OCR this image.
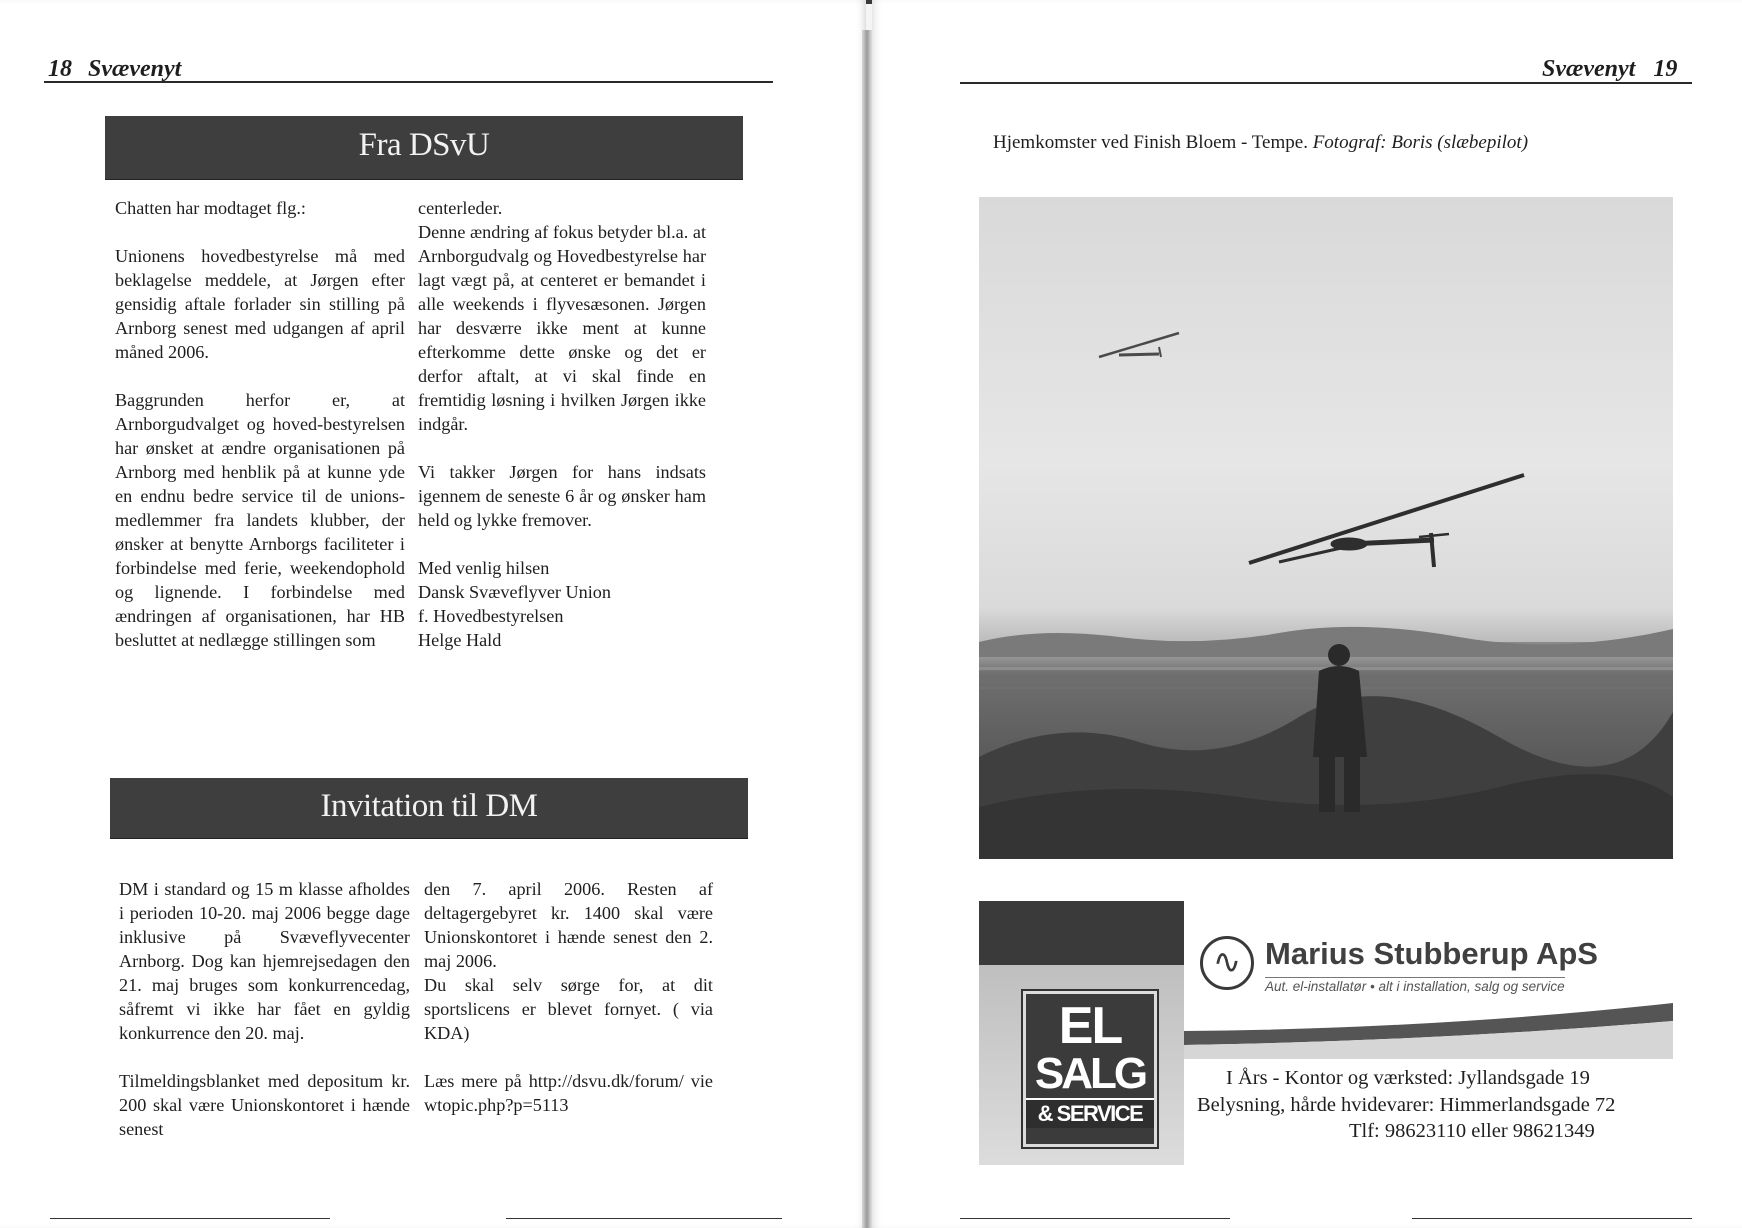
18 Svævenyt
Fra DSvU

Chatten har modtaget flg.:

Unionens hovedbestyrelse må med beklagelse meddele, at Jørgen efter gensidig aftale forlader sin stilling på Arnborg senest med udgangen af april måned 2006.

Baggrunden herfor er, at Arnborgudvalget og hoved-bestyrelsen har ønsket at ændre organisationen på Arnborg med henblik på at kunne yde en endnu bedre service til de unions-medlemmer fra landets klubber, der ønsker at benytte Arnborgs faciliteter i forbindelse med ferie, weekendophold og lignende. I forbindelse med ændringen af organisationen, har HB besluttet at nedlægge stillingen som

centerleder.
Denne ændring af fokus betyder bl.a. at Arnborgudvalg og Hovedbestyrelse har lagt vægt på, at centeret er bemandet i alle weekends i flyvesæsonen. Jørgen har desværre ikke ment at kunne efterkomme dette ønske og det er derfor aftalt, at vi skal finde en fremtidig løsning i hvilken Jørgen ikke indgår.

Vi takker Jørgen for hans indsats igennem de seneste 6 år og ønsker ham held og lykke fremover.

Med venlig hilsen
Dansk Svæveflyver Union
f. Hovedbestyrelsen
Helge Hald
Invitation til DM

DM i standard og 15 m klasse afholdes i perioden 10-20. maj 2006 begge dage inklusive på Svæveflyvecenter Arnborg. Dog kan hjemrejsedagen den 21. maj bruges som konkurrencedag, såfremt vi ikke har fået en gyldig konkurrence den 20. maj.

Tilmeldingsblanket med depositum kr. 200 skal være Unionskontoret i hænde senest

den 7. april 2006. Resten af deltagergebyret kr. 1400 skal være Unionskontoret i hænde senest den 2. maj 2006.
Du skal selv sørge for, at dit sportslicens er blevet fornyet. ( via KDA)

Læs mere på http://dsvu.dk/forum/ viewtopic.php?p=5113

Svævenyt 19
Hjemkomster ved Finish Bloem - Tempe. Fotograf: Boris (slæbepilot)
EL
SALG
& SERVICE
∿ Marius Stubberup ApS
Aut. el-installatør • alt i installation, salg og service
I Års - Kontor og værksted: Jyllandsgade 19
Belysning, hårde hvidevarer: Himmerlandsgade 72
Tlf: 98623110 eller 98621349
